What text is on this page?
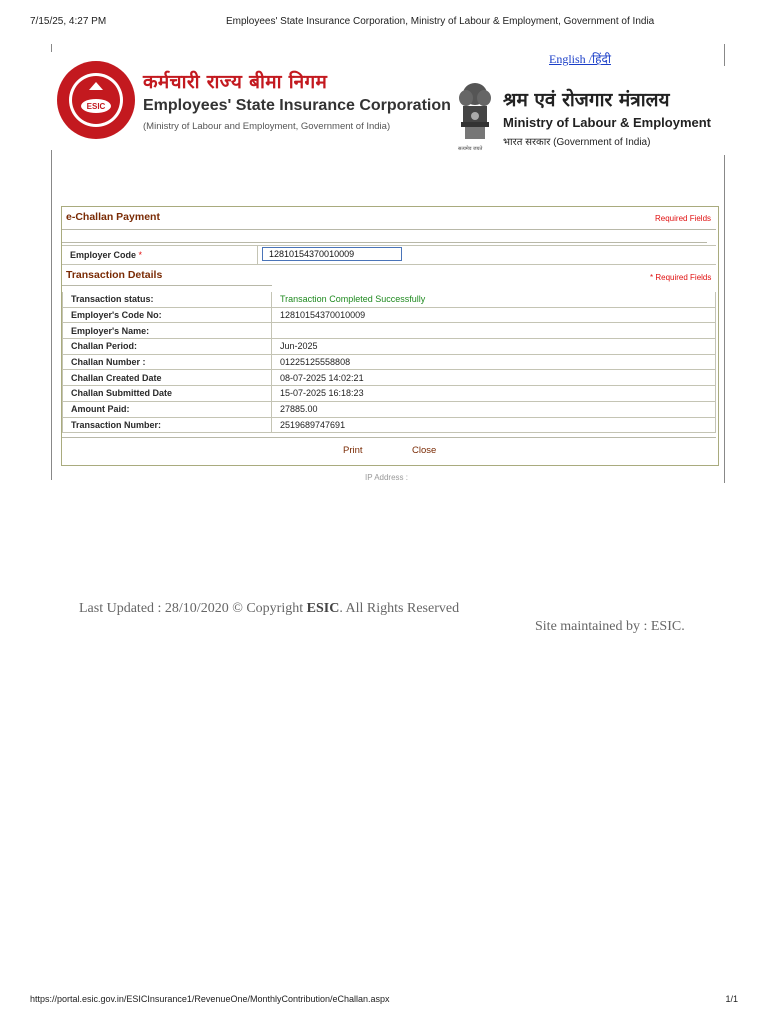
7/15/25, 4:27 PM	Employees' State Insurance Corporation, Ministry of Labour & Employment, Government of India
English /हिंदी
ESIC
कर्मचारी राज्य बीमा निगम
Employees' State Insurance Corporation
(Ministry of Labour and Employment, Government of India)
सत्यमेव जयते
श्रम एवं रोजगार मंत्रालय
Ministry of Labour & Employment
भारत सरकार (Government of India)
e-Challan Payment	Required Fields
Employer Code *
12810154370010009
Transaction Details	* Required Fields
Transaction status:	Transaction Completed Successfully
Employer's Code No:	12810154370010009
Employer's Name:	
Challan Period:	Jun-2025
Challan Number :	01225125558808
Challan Created Date	08-07-2025 14:02:21
Challan Submitted Date	15-07-2025 16:18:23
Amount Paid:	27885.00
Transaction Number:	2519689747691
Print	Close
IP Address :
Last Updated : 28/10/2020 © Copyright ESIC. All Rights Reserved
Site maintained by : ESIC.
https://portal.esic.gov.in/ESICInsurance1/RevenueOne/MonthlyContribution/eChallan.aspx	1/1
